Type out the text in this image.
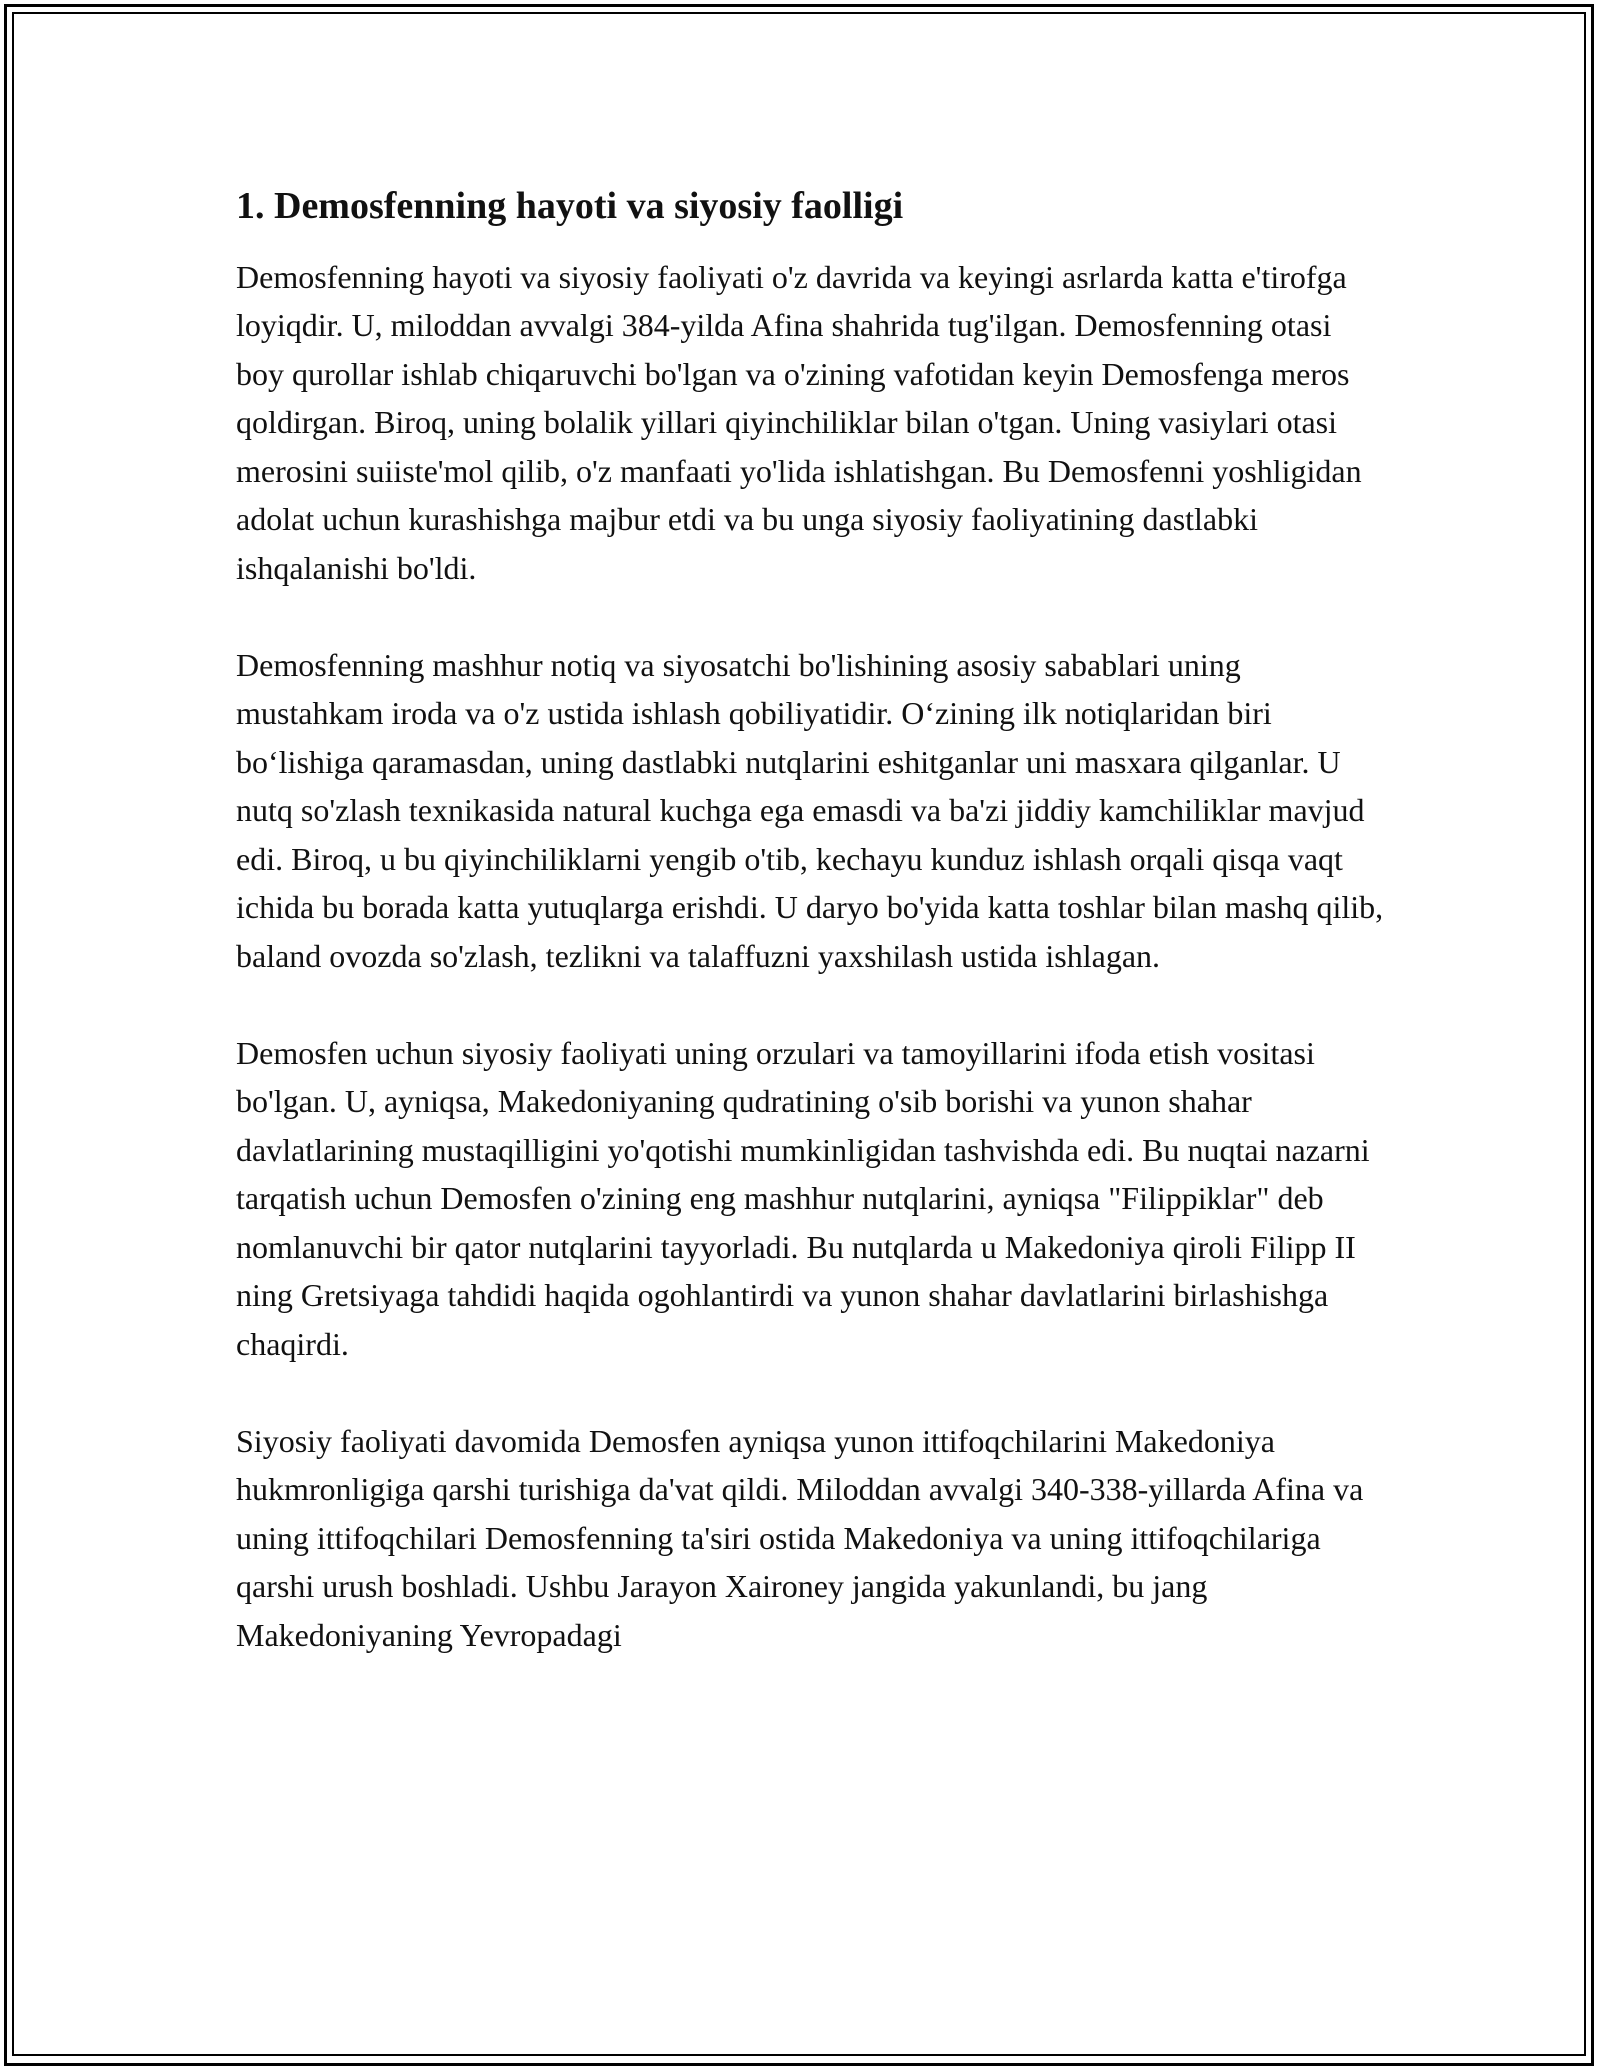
1. Demosfenning hayoti va siyosiy faolligi

Demosfenning hayoti va siyosiy faoliyati o'z davrida va keyingi asrlarda katta e'tirofga loyiqdir. U, miloddan avvalgi 384-yilda Afina shahrida tug'ilgan. Demosfenning otasi boy qurollar ishlab chiqaruvchi bo'lgan va o'zining vafotidan keyin Demosfenga meros qoldirgan. Biroq, uning bolalik yillari qiyinchiliklar bilan o'tgan. Uning vasiylari otasi merosini suiiste'mol qilib, o'z manfaati yo'lida ishlatishgan. Bu Demosfenni yoshligidan adolat uchun kurashishga majbur etdi va bu unga siyosiy faoliyatining dastlabki ishqalanishi bo'ldi.

Demosfenning mashhur notiq va siyosatchi bo'lishining asosiy sabablari uning mustahkam iroda va o'z ustida ishlash qobiliyatidir. O‘zining ilk notiqlaridan biri bo‘lishiga qaramasdan, uning dastlabki nutqlarini eshitganlar uni masxara qilganlar. U nutq so'zlash texnikasida natural kuchga ega emasdi va ba'zi jiddiy kamchiliklar mavjud edi. Biroq, u bu qiyinchiliklarni yengib o'tib, kechayu kunduz ishlash orqali qisqa vaqt ichida bu borada katta yutuqlarga erishdi. U daryo bo'yida katta toshlar bilan mashq qilib, baland ovozda so'zlash, tezlikni va talaffuzni yaxshilash ustida ishlagan.

Demosfen uchun siyosiy faoliyati uning orzulari va tamoyillarini ifoda etish vositasi bo'lgan. U, ayniqsa, Makedoniyaning qudratining o'sib borishi va yunon shahar davlatlarining mustaqilligini yo'qotishi mumkinligidan tashvishda edi. Bu nuqtai nazarni tarqatish uchun Demosfen o'zining eng mashhur nutqlarini, ayniqsa "Filippiklar" deb nomlanuvchi bir qator nutqlarini tayyorladi. Bu nutqlarda u Makedoniya qiroli Filipp II ning Gretsiyaga tahdidi haqida ogohlantirdi va yunon shahar davlatlarini birlashishga chaqirdi.

Siyosiy faoliyati davomida Demosfen ayniqsa yunon ittifoqchilarini Makedoniya hukmronligiga qarshi turishiga da'vat qildi. Miloddan avvalgi 340-338-yillarda Afina va uning ittifoqchilari Demosfenning ta'siri ostida Makedoniya va uning ittifoqchilariga qarshi urush boshladi. Ushbu Jarayon Xaironey jangida yakunlandi, bu jang Makedoniyaning Yevropadagi
